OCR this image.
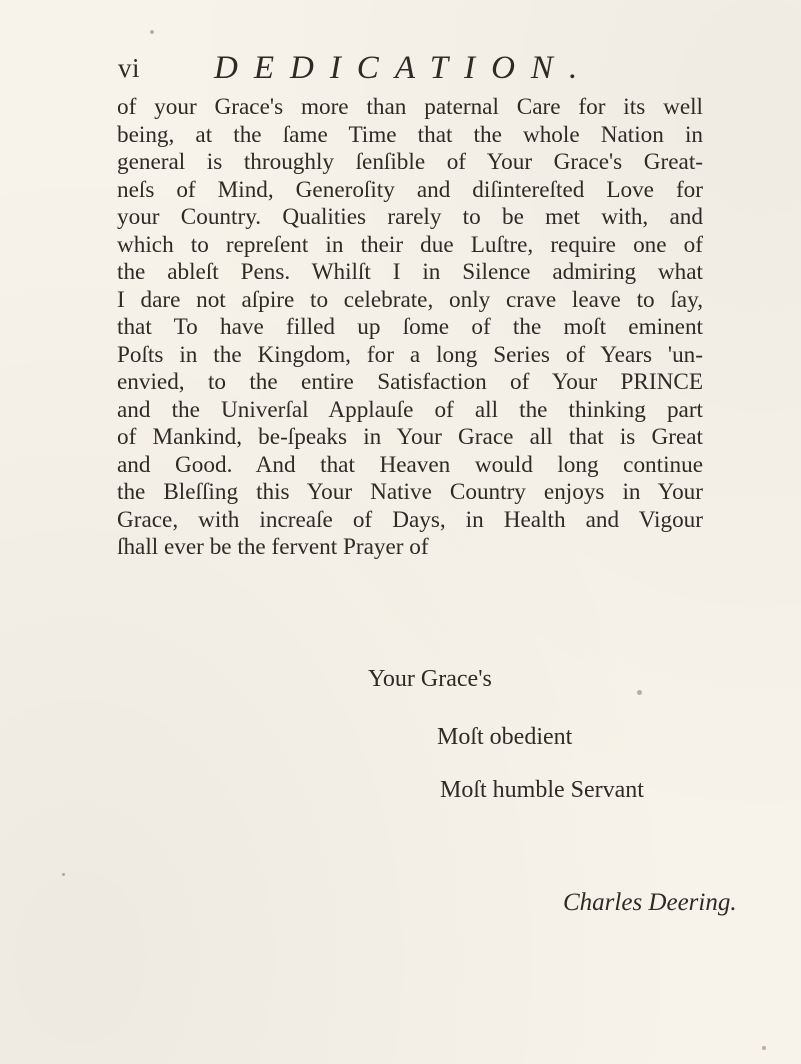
vi DEDICATION.
of your Grace's more than paternal Care for its well
being, at the ſame Time that the whole Nation in
general is throughly ſenſible of Your Grace's Great-
neſs of Mind, Generoſity and diſintereſted Love for
your Country. Qualities rarely to be met with, and
which to repreſent in their due Luſtre, require one of
the ableſt Pens. Whilſt I in Silence admiring what
I dare not aſpire to celebrate, only crave leave to ſay,
that To have filled up ſome of the moſt eminent
Poſts in the Kingdom, for a long Series of Years 'un-
envied, to the entire Satisfaction of Your PRINCE
and the Univerſal Applauſe of all the thinking part
of Mankind, be-ſpeaks in Your Grace all that is Great
and Good. And that Heaven would long continue
the Bleſſing this Your Native Country enjoys in Your
Grace, with increaſe of Days, in Health and Vigour
ſhall ever be the fervent Prayer of
Your Grace's
Moſt obedient
Moſt humble Servant
Charles Deering.
